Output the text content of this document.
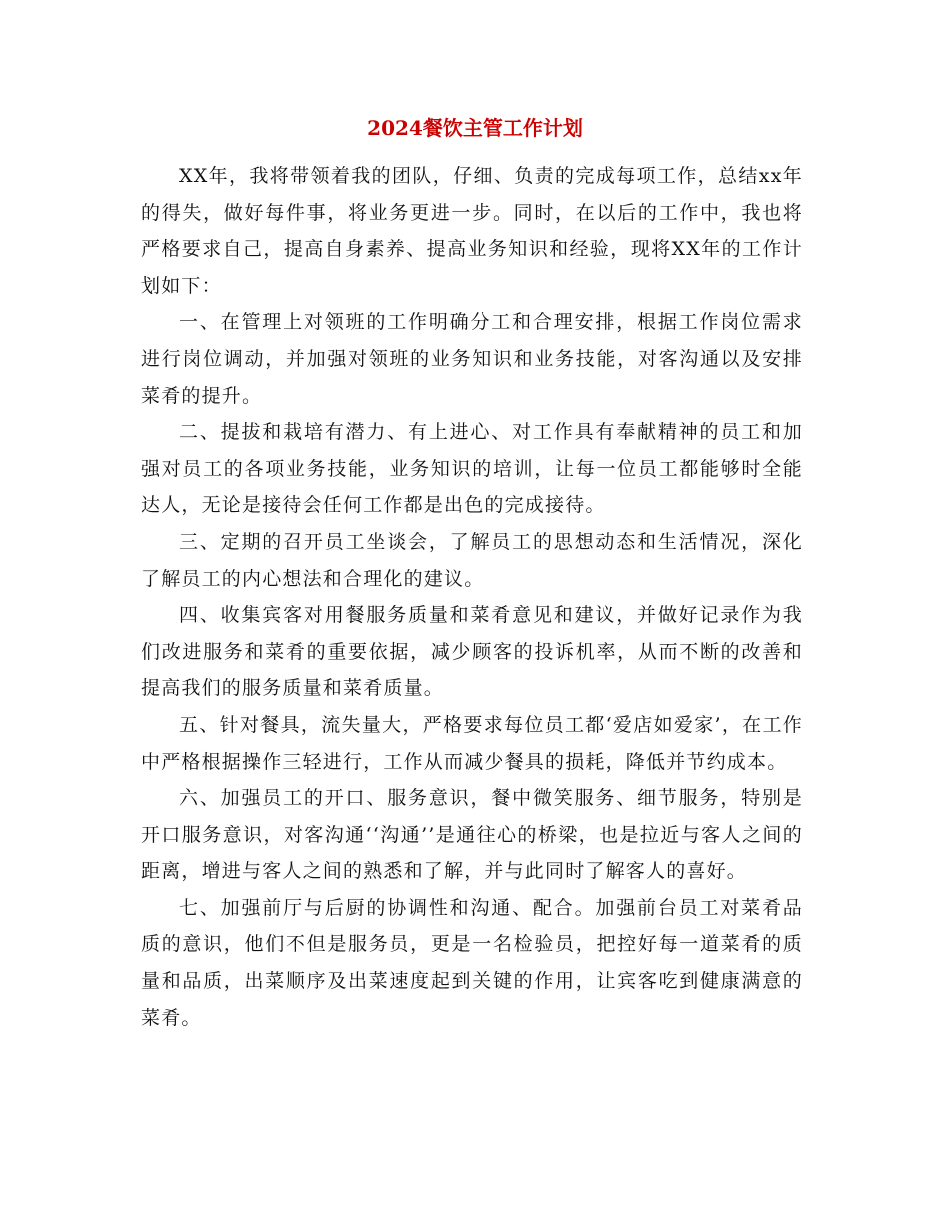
2024餐饮主管工作计划

XX年，我将带领着我的团队，仔细、负责的完成每项工作，总结xx年的得失，做好每件事，将业务更进一步。同时，在以后的工作中，我也将严格要求自己，提高自身素养、提高业务知识和经验，现将XX年的工作计划如下：

一、在管理上对领班的工作明确分工和合理安排，根据工作岗位需求进行岗位调动，并加强对领班的业务知识和业务技能，对客沟通以及安排菜肴的提升。

二、提拔和栽培有潜力、有上进心、对工作具有奉献精神的员工和加强对员工的各项业务技能，业务知识的培训，让每一位员工都能够时全能达人，无论是接待会任何工作都是出色的完成接待。

三、定期的召开员工坐谈会，了解员工的思想动态和生活情况，深化了解员工的内心想法和合理化的建议。

四、收集宾客对用餐服务质量和菜肴意见和建议，并做好记录作为我们改进服务和菜肴的重要依据，减少顾客的投诉机率，从而不断的改善和提高我们的服务质量和菜肴质量。

五、针对餐具，流失量大，严格要求每位员工都‘爱店如爱家’，在工作中严格根据操作三轻进行，工作从而减少餐具的损耗，降低并节约成本。

六、加强员工的开口、服务意识，餐中微笑服务、细节服务，特别是开口服务意识，对客沟通‘‘沟通’’是通往心的桥梁，也是拉近与客人之间的距离，增进与客人之间的熟悉和了解，并与此同时了解客人的喜好。

七、加强前厅与后厨的协调性和沟通、配合。加强前台员工对菜肴品质的意识，他们不但是服务员，更是一名检验员，把控好每一道菜肴的质量和品质，出菜顺序及出菜速度起到关键的作用，让宾客吃到健康满意的菜肴。
